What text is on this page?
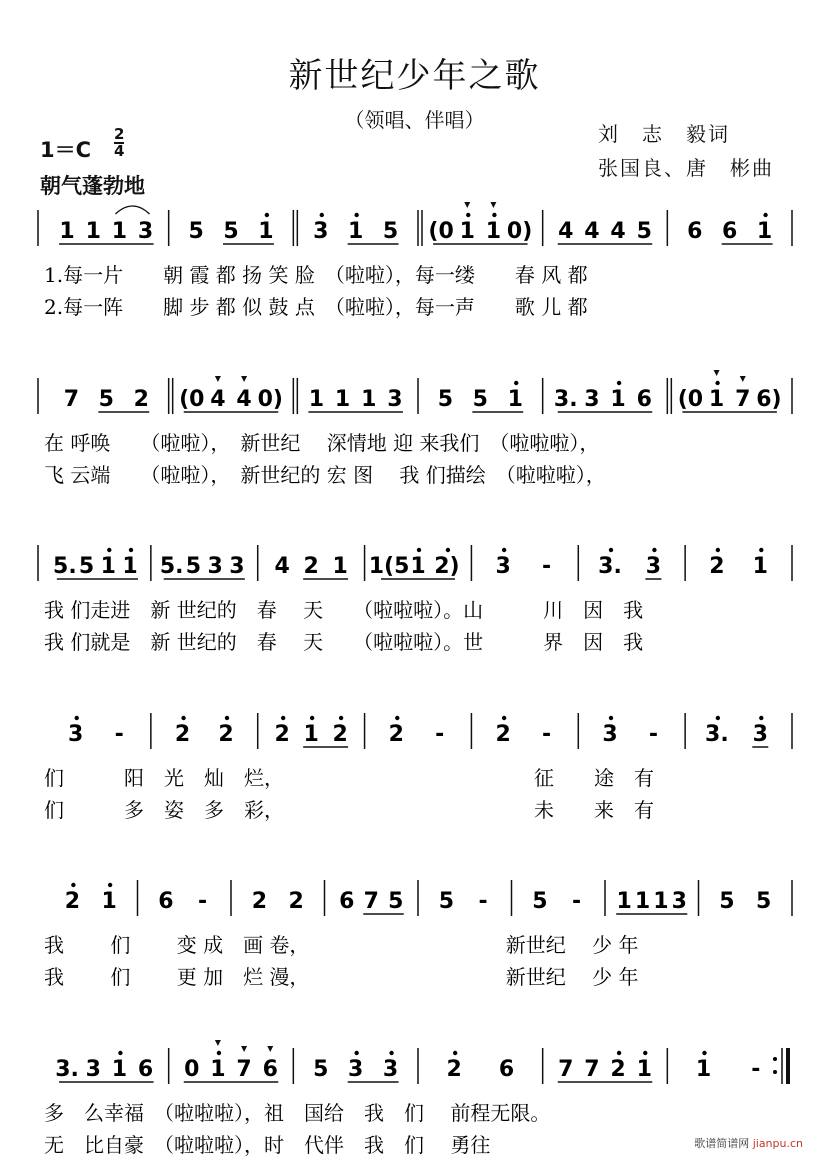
新世纪少年之歌
（领唱、伴唱）
1＝C
2
4
朝气蓬勃地
刘　志　毅词
张国良、唐　彬曲
1 1 1 3 5 5 1 3 1 5 (0 1 1 0) 4 4 4 5 6 6 1
1.每一片　　朝 霞 都 扬 笑 脸　（啦啦），每一缕　　春 风 都
2.每一阵　　脚 步 都 似 鼓 点　（啦啦），每一声　　歌 儿 都
7 5 2 (0 4 4 0) 1 1 1 3 5 5 1 3. 3 1 6 (0 1 7 6)
在 呼唤　　（啦啦），　新世纪　 深情地 迎 来我们　（啦啦啦），
飞 云端　　（啦啦），　新世纪的 宏 图　 我 们描绘　（啦啦啦），
5. 5 1 1 5. 5 3 3 4 2 1 1(5 1 2) 3 - 3. 3 2 1
我 们走进　新 世纪的　春　 天　　（啦啦啦）。山　　　川　因　我
我 们就是　新 世纪的　春　 天　　（啦啦啦）。世　　　界　因　我
3 - 2 2 2 1 2 2 - 2 - 3 - 3. 3
们　　　阳　光　灿　烂，　　　　　　　　　　　　　征　　途　有
们　　　多　姿　多　彩，　　　　　　　　　　　　　未　　来　有
2 1 6 - 2 2 6 7 5 5 - 5 - 1 1 1 3 5 5
我　　 们　　 变 成　画 卷，　　　　　　　　　　 新世纪　 少 年
我　　 们　　 更 加　烂 漫，　　　　　　　　　　 新世纪　 少 年
3. 3 1 6 0 1 7 6 5 3 3 2 6 7 7 2 1 1 -
多　么幸福　（啦啦啦），祖　国给　我　们　 前程无限。
无　比自豪　（啦啦啦），时　代伴　我　们　 勇往	歌谱简谱网 jianpu.cn
